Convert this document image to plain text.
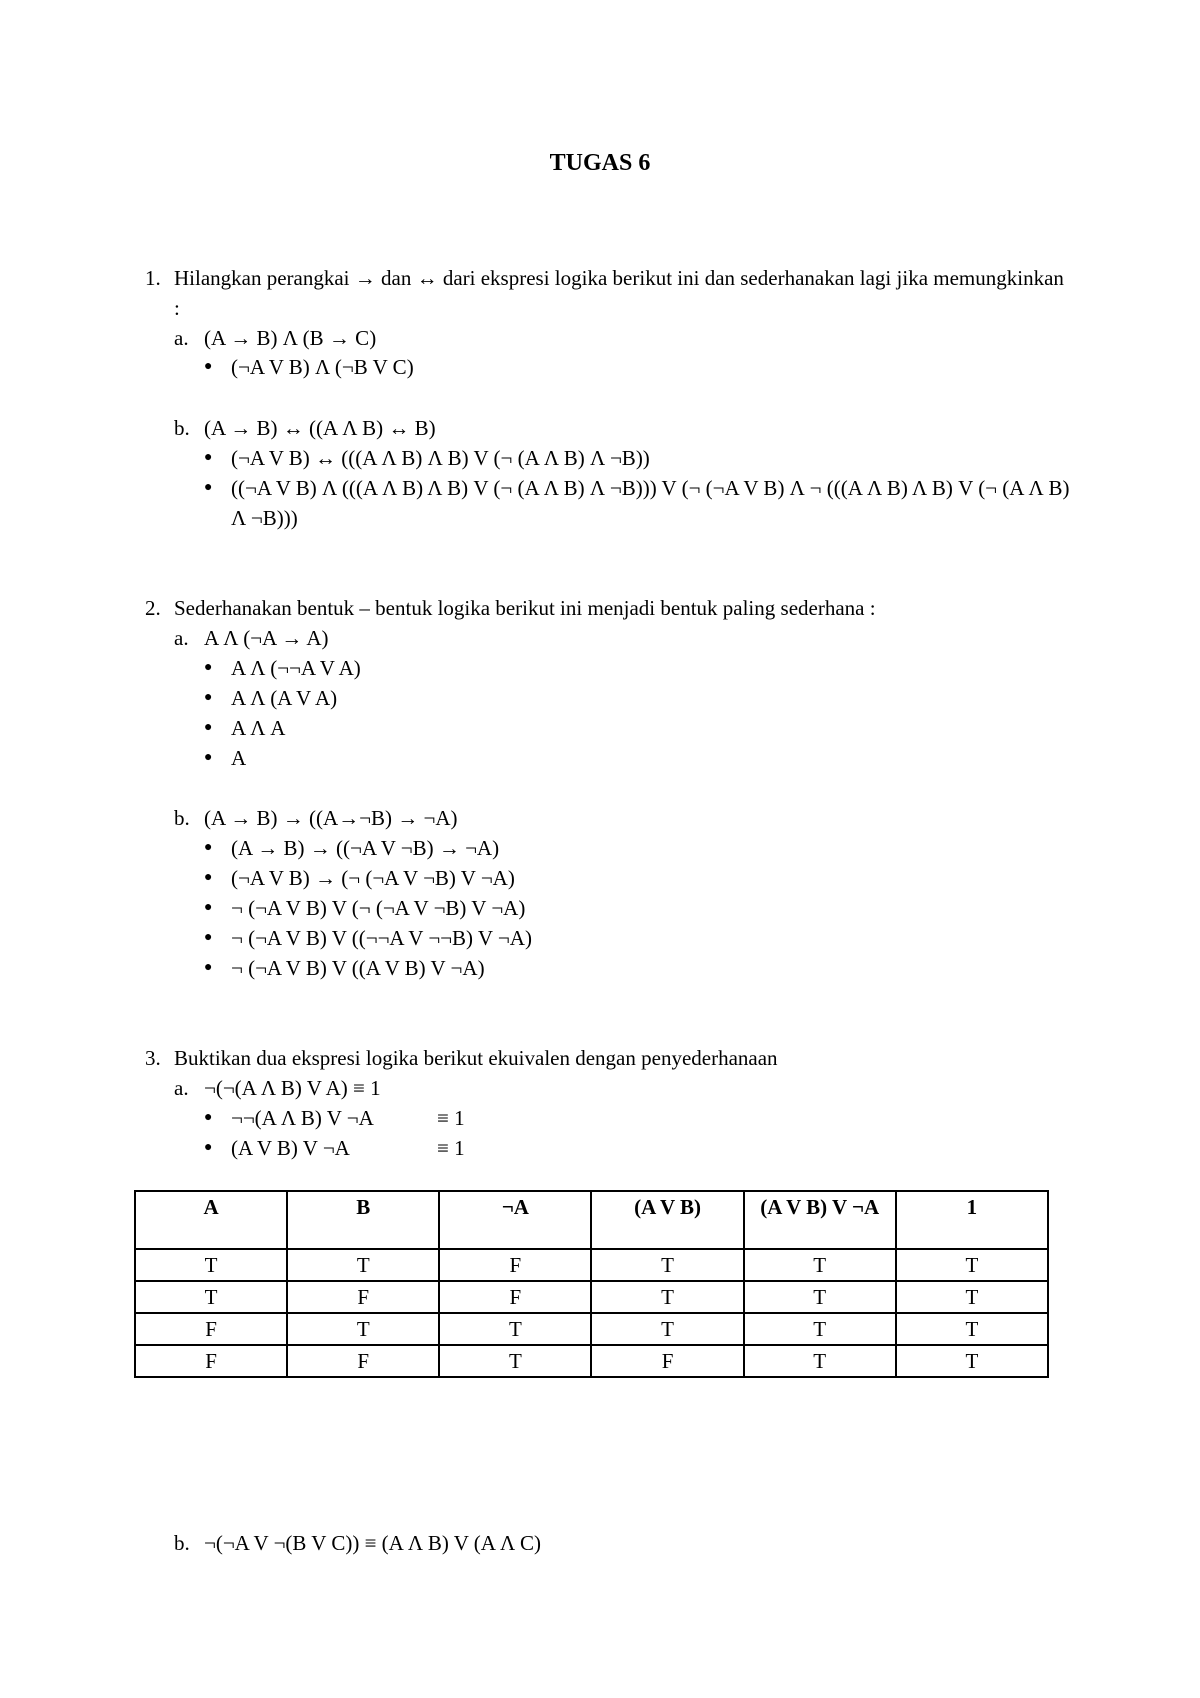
TUGAS 6
1. Hilangkan perangkai → dan ↔ dari ekspresi logika berikut ini dan sederhanakan lagi jika memungkinkan :
a. (A → B) Λ (B → C)
● (¬A V B) Λ (¬B V C)
b. (A → B) ↔ ((A Λ B) ↔ B)
● (¬A V B) ↔ (((A Λ B) Λ B) V (¬ (A Λ B) Λ ¬B))
● ((¬A V B) Λ (((A Λ B) Λ B) V (¬ (A Λ B) Λ ¬B))) V (¬ (¬A V B) Λ ¬ (((A Λ B) Λ B) V (¬ (A Λ B) Λ ¬B)))
2. Sederhanakan bentuk – bentuk logika berikut ini menjadi bentuk paling sederhana :
a. A Λ (¬A → A)
● A Λ (¬¬A V A)
● A Λ (A V A)
● A Λ A
● A
b. (A → B) → ((A→¬B) → ¬A)
● (A → B) → ((¬A V ¬B) → ¬A)
● (¬A V B) → (¬ (¬A V ¬B) V ¬A)
● ¬ (¬A V B) V (¬ (¬A V ¬B) V ¬A)
● ¬ (¬A V B) V ((¬¬A V ¬¬B) V ¬A)
● ¬ (¬A V B) V ((A V B) V ¬A)
3. Buktikan dua ekspresi logika berikut ekuivalen dengan penyederhanaan
a. ¬(¬(A Λ B) V A) ≡ 1
● ¬¬(A Λ B) V ¬A	≡ 1
● (A V B) V ¬A	≡ 1
A	B	¬A	(A V B)	(A V B) V ¬A	1
T	T	F	T	T	T
T	F	F	T	T	T
F	T	T	T	T	T
F	F	T	F	T	T
b. ¬(¬A V ¬(B V C)) ≡ (A Λ B) V (A Λ C)
